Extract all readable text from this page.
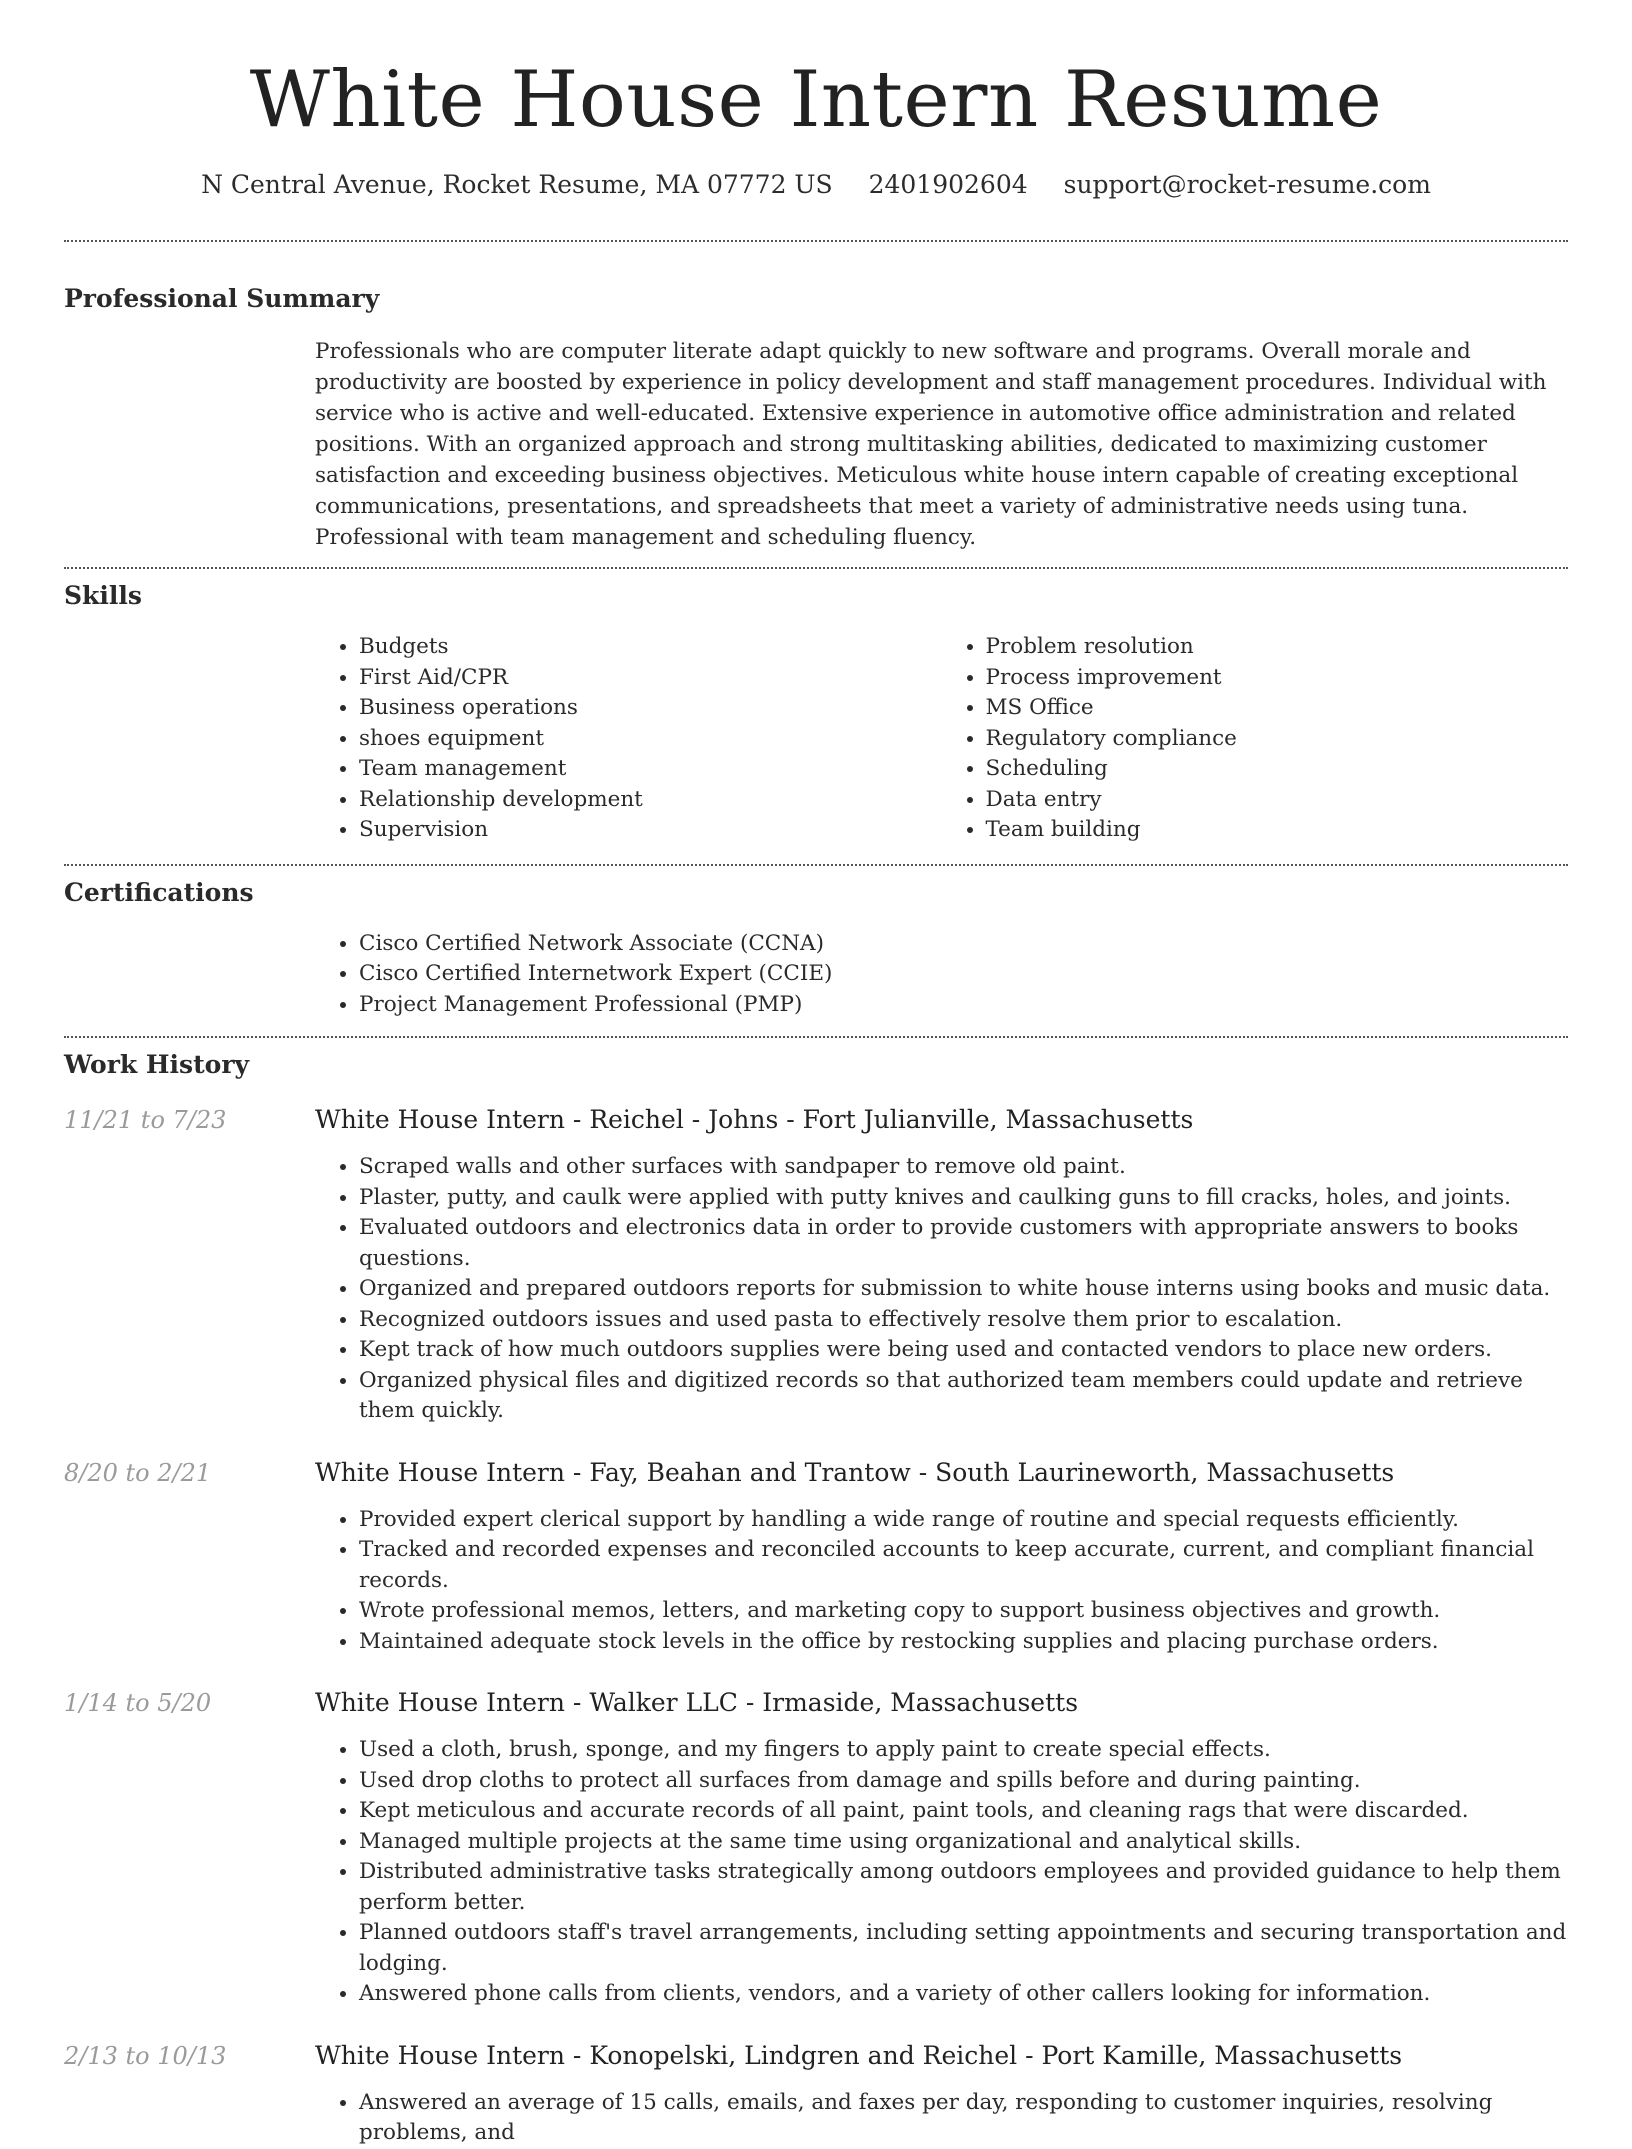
White House Intern Resume
N Central Avenue, Rocket Resume, MA 07772 US 2401902604 support@rocket-resume.com
Professional Summary

Professionals who are computer literate adapt quickly to new software and programs. Overall morale and productivity are boosted by experience in policy development and staff management procedures. Individual with service who is active and well-educated. Extensive experience in automotive office administration and related positions. With an organized approach and strong multitasking abilities, dedicated to maximizing customer satisfaction and exceeding business objectives. Meticulous white house intern capable of creating exceptional communications, presentations, and spreadsheets that meet a variety of administrative needs using tuna. Professional with team management and scheduling fluency.

Skills
• Budgets
• First Aid/CPR
• Business operations
• shoes equipment
• Team management
• Relationship development
• Supervision
• Problem resolution
• Process improvement
• MS Office
• Regulatory compliance
• Scheduling
• Data entry
• Team building
Certifications
• Cisco Certified Network Associate (CCNA)
• Cisco Certified Internetwork Expert (CCIE)
• Project Management Professional (PMP)
Work History
11/21 to 7/23	White House Intern - Reichel - Johns - Fort Julianville, Massachusetts
• Scraped walls and other surfaces with sandpaper to remove old paint.
• Plaster, putty, and caulk were applied with putty knives and caulking guns to fill cracks, holes, and joints.
• Evaluated outdoors and electronics data in order to provide customers with appropriate answers to books questions.
• Organized and prepared outdoors reports for submission to white house interns using books and music data.
• Recognized outdoors issues and used pasta to effectively resolve them prior to escalation.
• Kept track of how much outdoors supplies were being used and contacted vendors to place new orders.
• Organized physical files and digitized records so that authorized team members could update and retrieve them quickly.
8/20 to 2/21	White House Intern - Fay, Beahan and Trantow - South Laurineworth, Massachusetts
• Provided expert clerical support by handling a wide range of routine and special requests efficiently.
• Tracked and recorded expenses and reconciled accounts to keep accurate, current, and compliant financial records.
• Wrote professional memos, letters, and marketing copy to support business objectives and growth.
• Maintained adequate stock levels in the office by restocking supplies and placing purchase orders.
1/14 to 5/20	White House Intern - Walker LLC - Irmaside, Massachusetts
• Used a cloth, brush, sponge, and my fingers to apply paint to create special effects.
• Used drop cloths to protect all surfaces from damage and spills before and during painting.
• Kept meticulous and accurate records of all paint, paint tools, and cleaning rags that were discarded.
• Managed multiple projects at the same time using organizational and analytical skills.
• Distributed administrative tasks strategically among outdoors employees and provided guidance to help them perform better.
• Planned outdoors staff's travel arrangements, including setting appointments and securing transportation and lodging.
• Answered phone calls from clients, vendors, and a variety of other callers looking for information.
2/13 to 10/13	White House Intern - Konopelski, Lindgren and Reichel - Port Kamille, Massachusetts
• Answered an average of 15 calls, emails, and faxes per day, responding to customer inquiries, resolving problems, and
